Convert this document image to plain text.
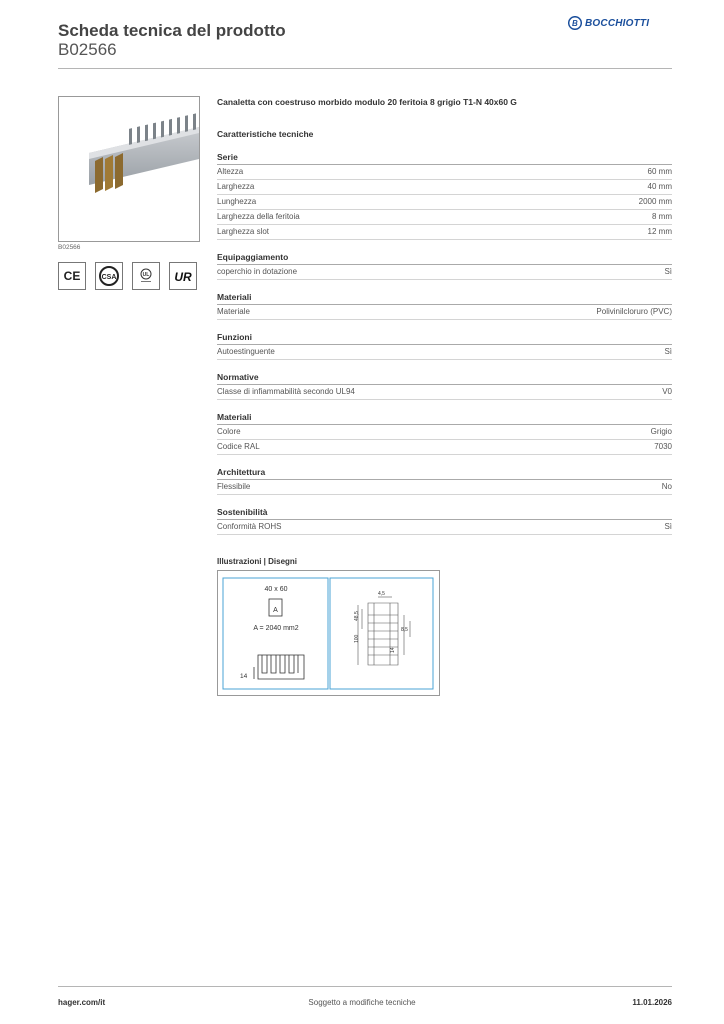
Scheda tecnica del prodotto
B02566
B BOCCHIOTTI
B02566
CE	CSA	UL UR
Canaletta con coestruso morbido modulo 20 feritoia 8 grigio T1-N 40x60 G
Caratteristiche tecniche
Serie
Altezza	60 mm
Larghezza	40 mm
Lunghezza	2000 mm
Larghezza della feritoia	8 mm
Larghezza slot	12 mm
Equipaggiamento
coperchio in dotazione	Sì
Materiali
Materiale	Polivinilcloruro (PVC)
Funzioni
Autoestinguente	Sì
Normative
Classe di infiammabilità secondo UL94	V0
Materiali
Colore	Grigio
Codice RAL	7030
Architettura
Flessibile	No
Sostenibilità
Conformità ROHS	Sì
Illustrazioni | Disegni
40 x 60
A
A = 2040 mm2
14
4,5
48,5
100
8,5
14
hager.com/it	Soggetto a modifiche tecniche	11.01.2026
